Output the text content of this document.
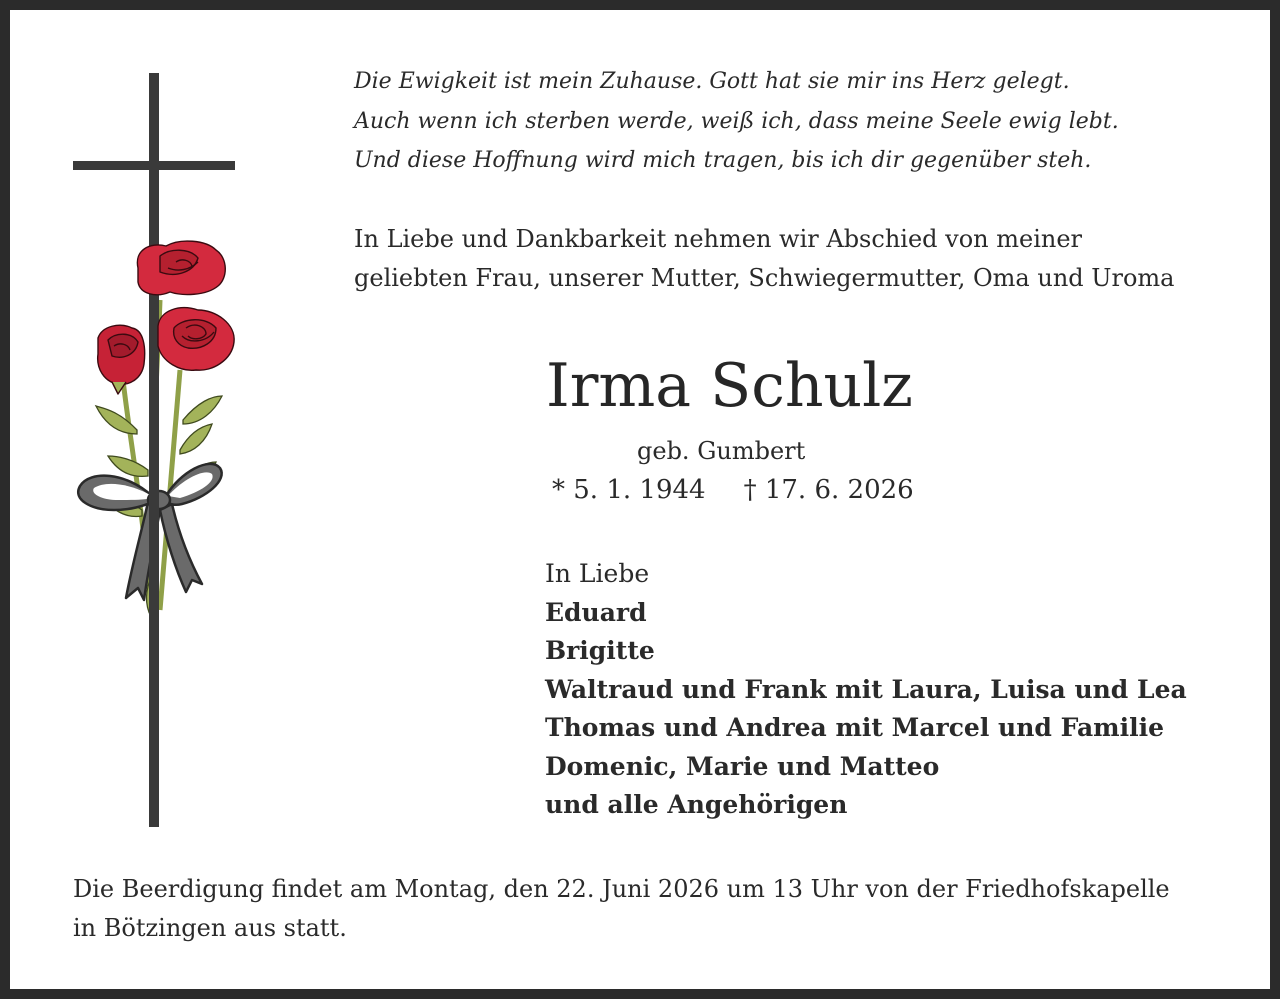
Die Ewigkeit ist mein Zuhause. Gott hat sie mir ins Herz gelegt.
Auch wenn ich sterben werde, weiß ich, dass meine Seele ewig lebt.
Und diese Hoffnung wird mich tragen, bis ich dir gegenüber steh.
In Liebe und Dankbarkeit nehmen wir Abschied von meiner
geliebten Frau, unserer Mutter, Schwiegermutter, Oma und Uroma
Irma Schulz
geb. Gumbert
* 5. 1. 1944 † 17. 6. 2026
In Liebe
Eduard
Brigitte
Waltraud und Frank mit Laura, Luisa und Lea
Thomas und Andrea mit Marcel und Familie
Domenic, Marie und Matteo
und alle Angehörigen
Die Beerdigung findet am Montag, den 22. Juni 2026 um 13 Uhr von der Friedhofskapelle
in Bötzingen aus statt.
